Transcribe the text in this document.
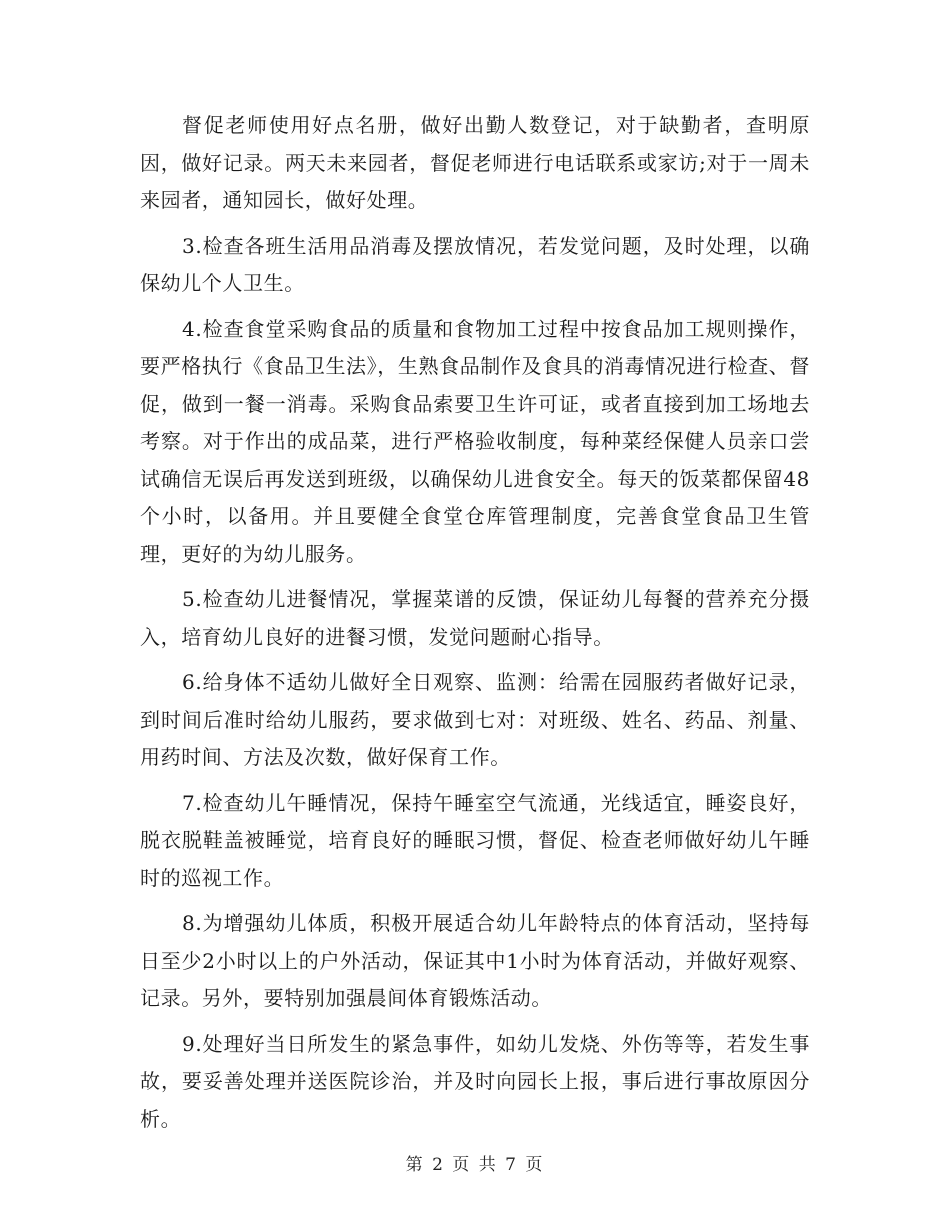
督促老师使用好点名册，做好出勤人数登记，对于缺勤者，查明原因，做好记录。两天未来园者，督促老师进行电话联系或家访;对于一周未来园者，通知园长，做好处理。

3.检查各班生活用品消毒及摆放情况，若发觉问题，及时处理，以确保幼儿个人卫生。

4.检查食堂采购食品的质量和食物加工过程中按食品加工规则操作，要严格执行《食品卫生法》，生熟食品制作及食具的消毒情况进行检查、督促，做到一餐一消毒。采购食品索要卫生许可证，或者直接到加工场地去考察。对于作出的成品菜，进行严格验收制度，每种菜经保健人员亲口尝试确信无误后再发送到班级，以确保幼儿进食安全。每天的饭菜都保留48个小时，以备用。并且要健全食堂仓库管理制度，完善食堂食品卫生管理，更好的为幼儿服务。

5.检查幼儿进餐情况，掌握菜谱的反馈，保证幼儿每餐的营养充分摄入，培育幼儿良好的进餐习惯，发觉问题耐心指导。

6.给身体不适幼儿做好全日观察、监测：给需在园服药者做好记录，到时间后准时给幼儿服药，要求做到七对：对班级、姓名、药品、剂量、用药时间、方法及次数，做好保育工作。

7.检查幼儿午睡情况，保持午睡室空气流通，光线适宜，睡姿良好，脱衣脱鞋盖被睡觉，培育良好的睡眠习惯，督促、检查老师做好幼儿午睡时的巡视工作。

8.为增强幼儿体质，积极开展适合幼儿年龄特点的体育活动，坚持每日至少2小时以上的户外活动，保证其中1小时为体育活动，并做好观察、记录。另外，要特别加强晨间体育锻炼活动。

9.处理好当日所发生的紧急事件，如幼儿发烧、外伤等等，若发生事故，要妥善处理并送医院诊治，并及时向园长上报，事后进行事故原因分析。

第 2 页 共 7 页
